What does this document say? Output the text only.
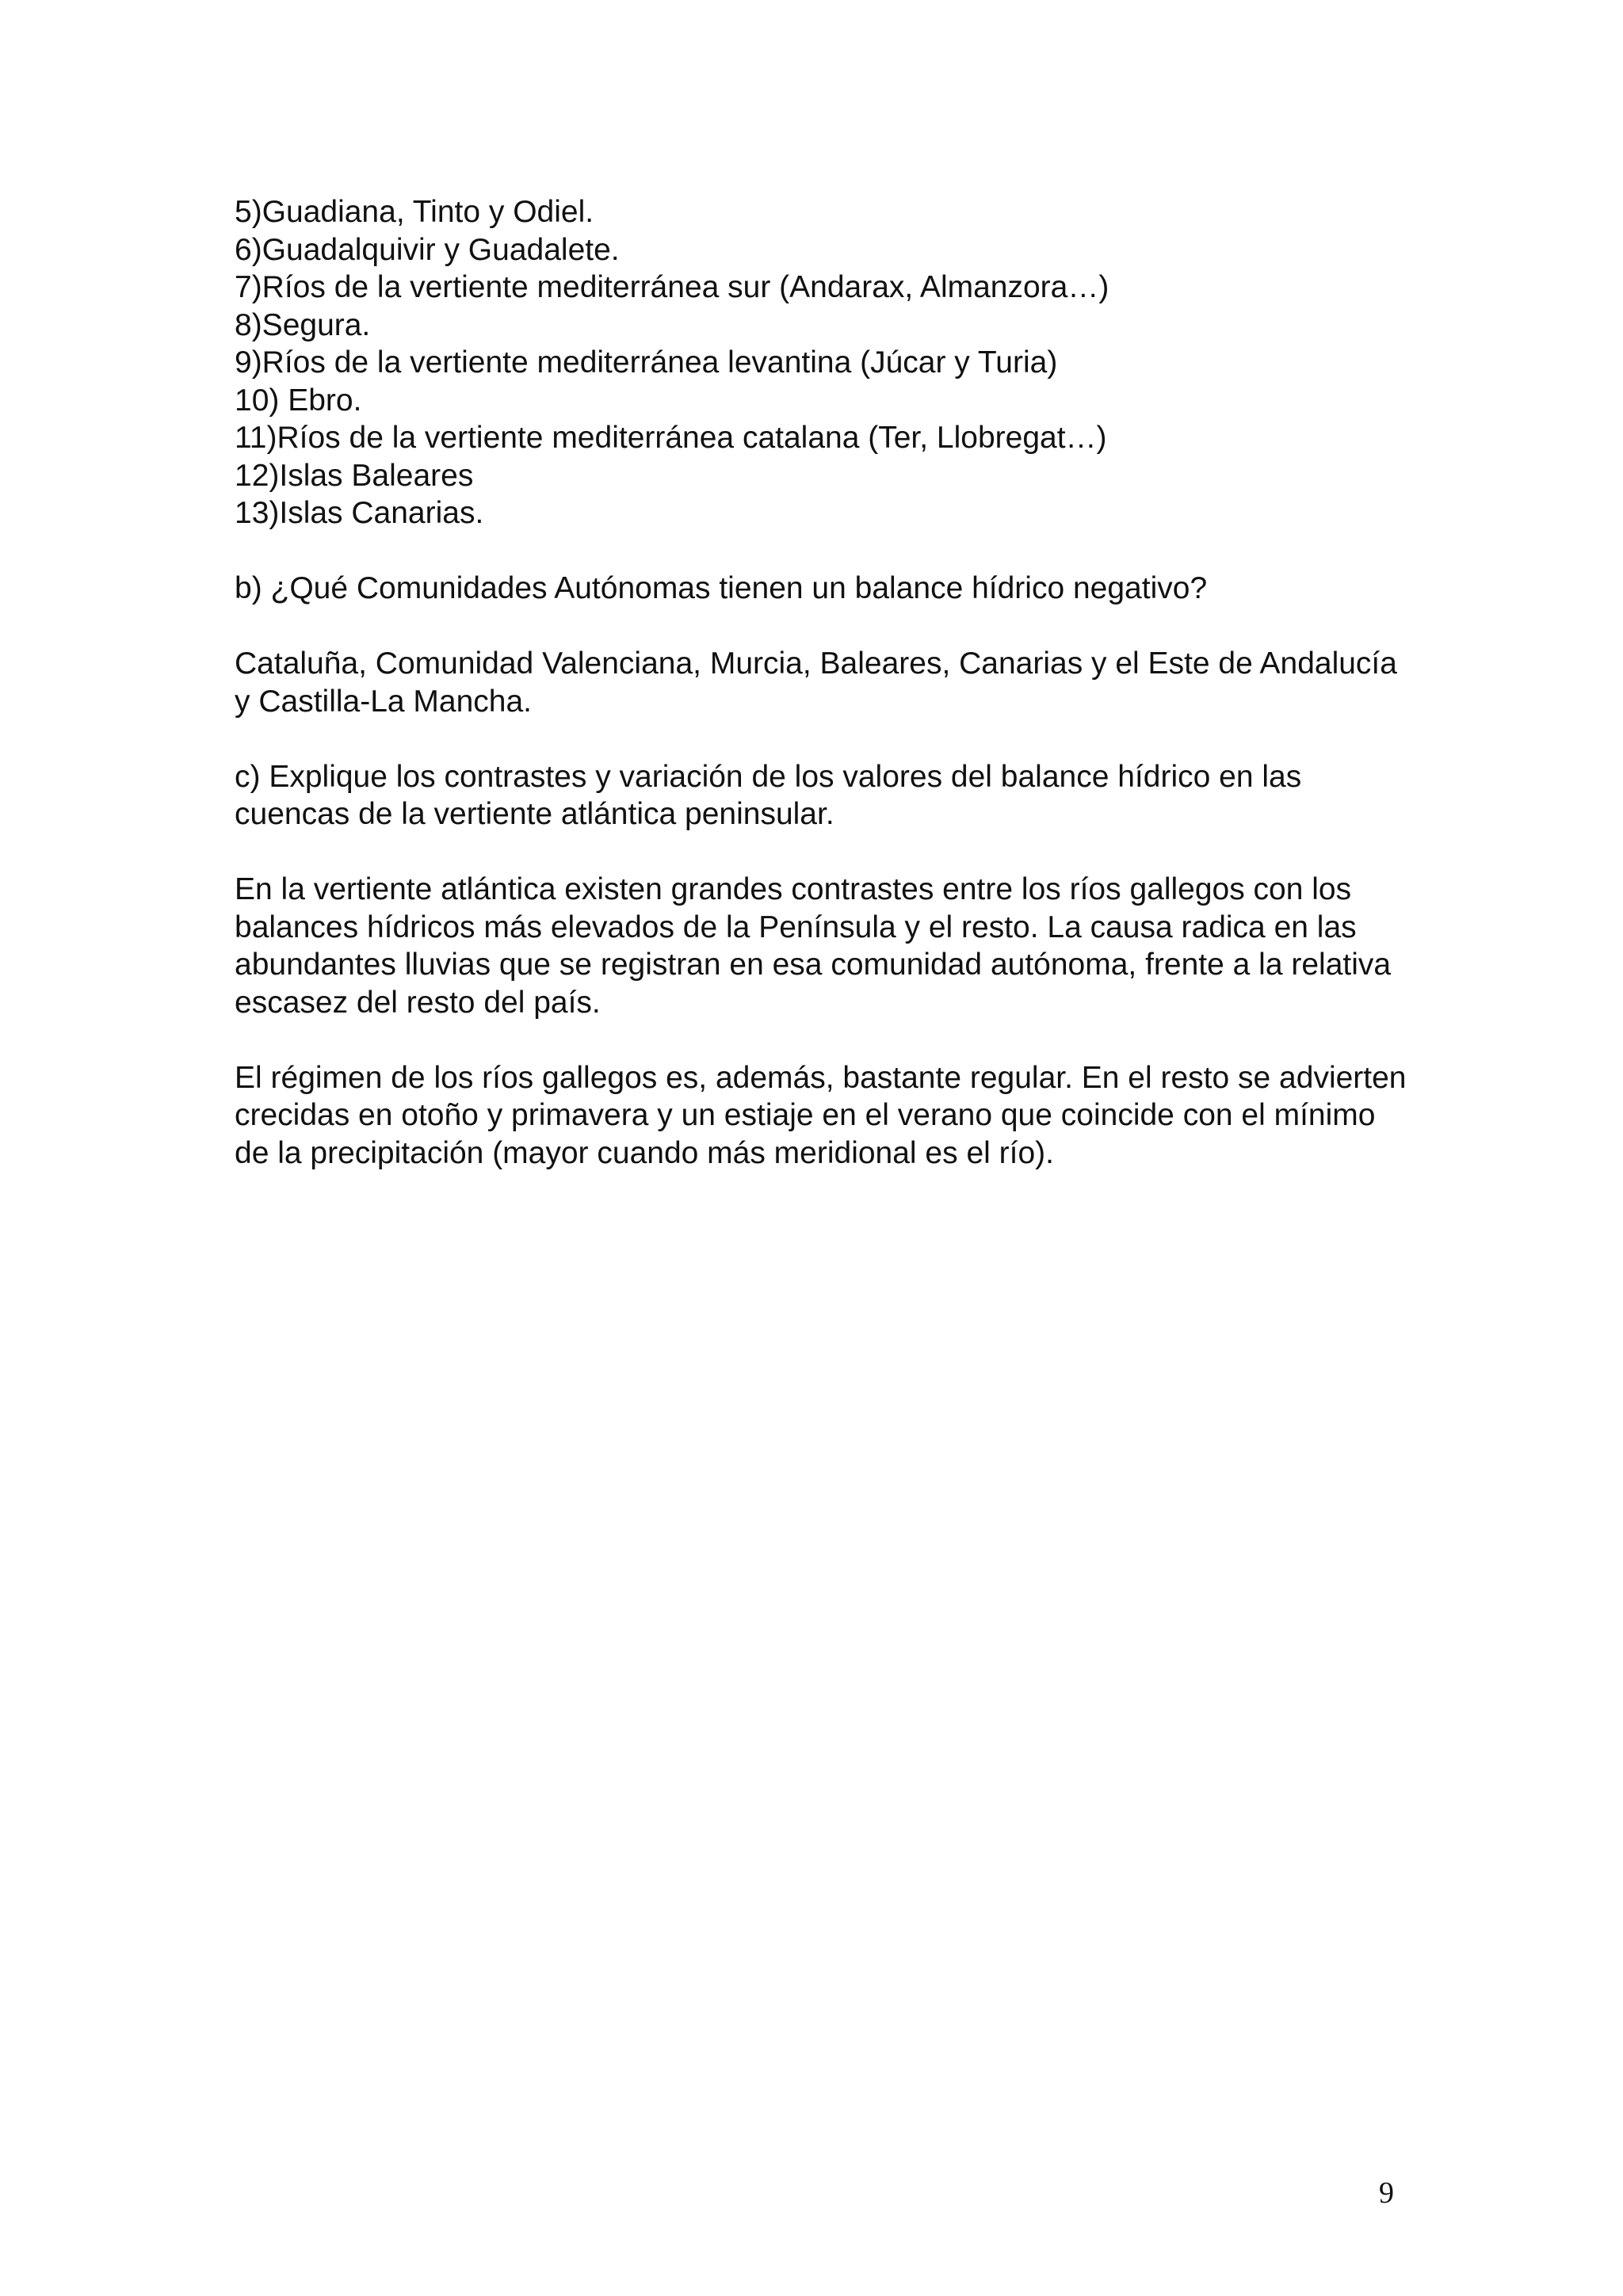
5)Guadiana, Tinto y Odiel.
6)Guadalquivir y Guadalete.
7)Ríos de la vertiente mediterránea sur (Andarax, Almanzora…)
8)Segura.
9)Ríos de la vertiente mediterránea levantina (Júcar y Turia)
10) Ebro.
11)Ríos de la vertiente mediterránea catalana (Ter, Llobregat…)
12)Islas Baleares
13)Islas Canarias.

b) ¿Qué Comunidades Autónomas tienen un balance hídrico negativo?

Cataluña, Comunidad Valenciana, Murcia, Baleares, Canarias y el Este de Andalucía y Castilla-La Mancha.

c) Explique los contrastes y variación de los valores del balance hídrico en las cuencas de la vertiente atlántica peninsular.

En la vertiente atlántica existen grandes contrastes entre los ríos gallegos con los balances hídricos más elevados de la Península y el resto. La causa radica en las abundantes lluvias que se registran en esa comunidad autónoma, frente a la relativa escasez del resto del país.

El régimen de los ríos gallegos es, además, bastante regular. En el resto se advierten crecidas en otoño y primavera y un estiaje en el verano que coincide con el mínimo de la precipitación (mayor cuando más meridional es el río).

9
